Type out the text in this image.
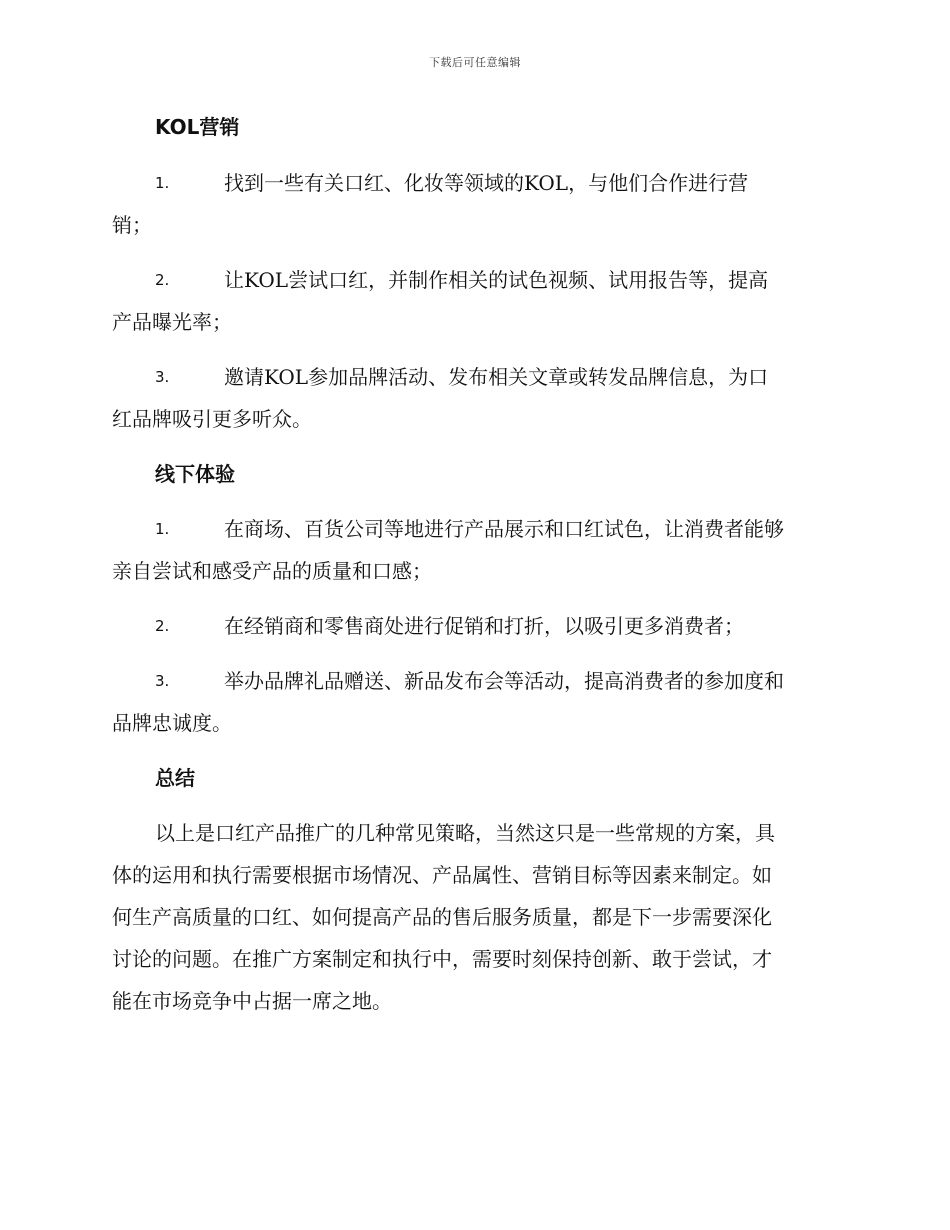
下载后可任意编辑
KOL营销
1.	找到一些有关口红、化妆等领域的KOL，与他们合作进行营
销；
2.	让KOL尝试口红，并制作相关的试色视频、试用报告等，提高
产品曝光率；
3.	邀请KOL参加品牌活动、发布相关文章或转发品牌信息，为口
红品牌吸引更多听众。
线下体验
1.	在商场、百货公司等地进行产品展示和口红试色，让消费者能够
亲自尝试和感受产品的质量和口感；
2.	在经销商和零售商处进行促销和打折，以吸引更多消费者；
3.	举办品牌礼品赠送、新品发布会等活动，提高消费者的参加度和
品牌忠诚度。
总结
以上是口红产品推广的几种常见策略，当然这只是一些常规的方案，具
体的运用和执行需要根据市场情况、产品属性、营销目标等因素来制定。如
何生产高质量的口红、如何提高产品的售后服务质量，都是下一步需要深化
讨论的问题。在推广方案制定和执行中，需要时刻保持创新、敢于尝试，才
能在市场竞争中占据一席之地。
